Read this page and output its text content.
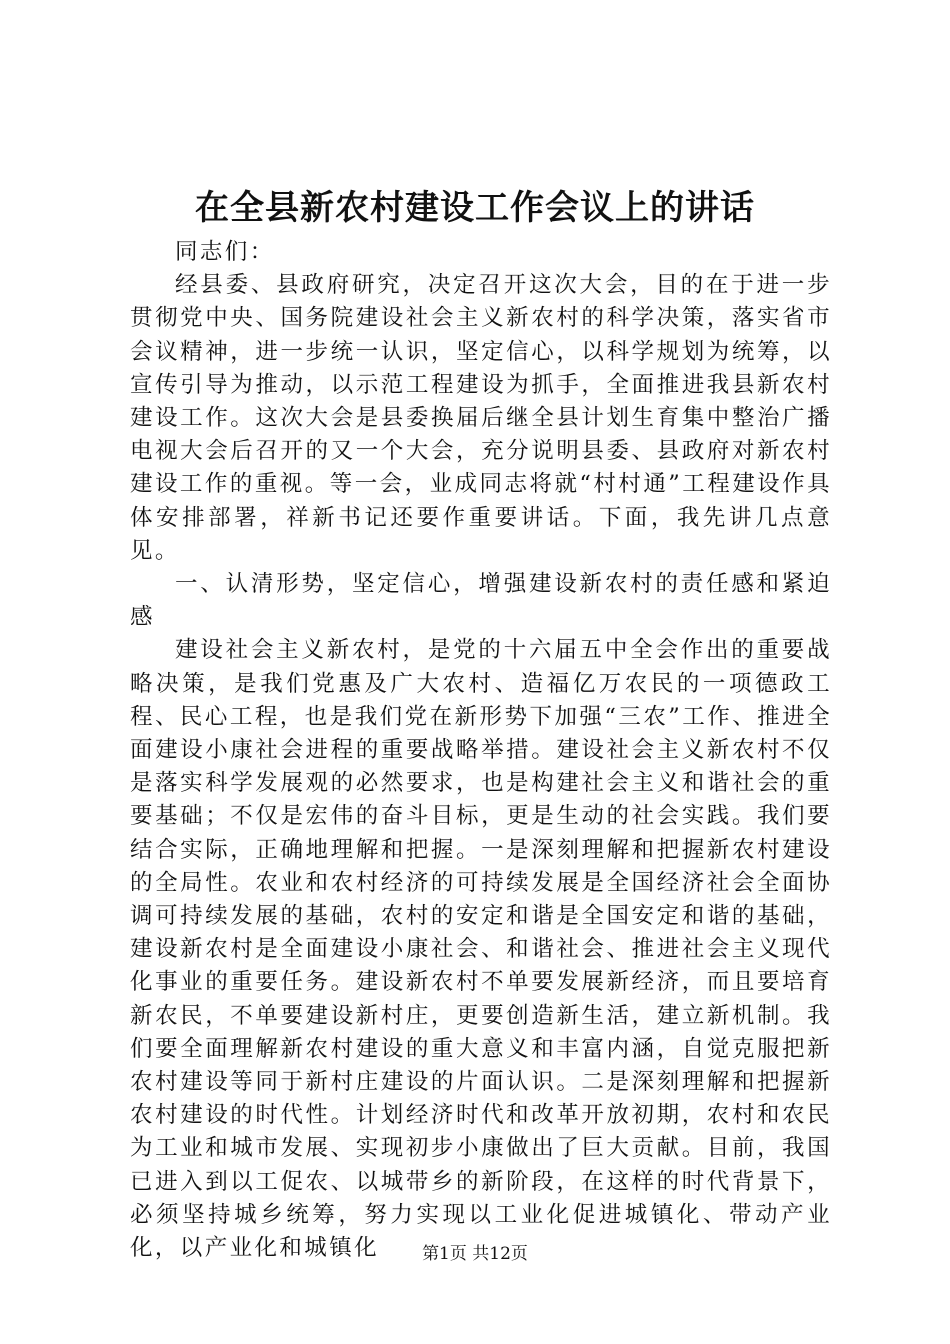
在全县新农村建设工作会议上的讲话

同志们：

经县委、县政府研究，决定召开这次大会，目的在于进一步贯彻党中央、国务院建设社会主义新农村的科学决策，落实省市会议精神，进一步统一认识，坚定信心，以科学规划为统筹，以宣传引导为推动，以示范工程建设为抓手，全面推进我县新农村建设工作。这次大会是县委换届后继全县计划生育集中整治广播电视大会后召开的又一个大会，充分说明县委、县政府对新农村建设工作的重视。等一会，业成同志将就“村村通”工程建设作具体安排部署，祥新书记还要作重要讲话。下面，我先讲几点意见。

一、认清形势，坚定信心，增强建设新农村的责任感和紧迫感

建设社会主义新农村，是党的十六届五中全会作出的重要战略决策，是我们党惠及广大农村、造福亿万农民的一项德政工程、民心工程，也是我们党在新形势下加强“三农”工作、推进全面建设小康社会进程的重要战略举措。建设社会主义新农村不仅是落实科学发展观的必然要求，也是构建社会主义和谐社会的重要基础；不仅是宏伟的奋斗目标，更是生动的社会实践。我们要结合实际，正确地理解和把握。一是深刻理解和把握新农村建设的全局性。农业和农村经济的可持续发展是全国经济社会全面协调可持续发展的基础，农村的安定和谐是全国安定和谐的基础，建设新农村是全面建设小康社会、和谐社会、推进社会主义现代化事业的重要任务。建设新农村不单要发展新经济，而且要培育新农民，不单要建设新村庄，更要创造新生活，建立新机制。我们要全面理解新农村建设的重大意义和丰富内涵，自觉克服把新农村建设等同于新村庄建设的片面认识。二是深刻理解和把握新农村建设的时代性。计划经济时代和改革开放初期，农村和农民为工业和城市发展、实现初步小康做出了巨大贡献。目前，我国已进入到以工促农、以城带乡的新阶段，在这样的时代背景下，必须坚持城乡统筹，努力实现以工业化促进城镇化、带动产业化，以产业化和城镇化	第1页 共12页
